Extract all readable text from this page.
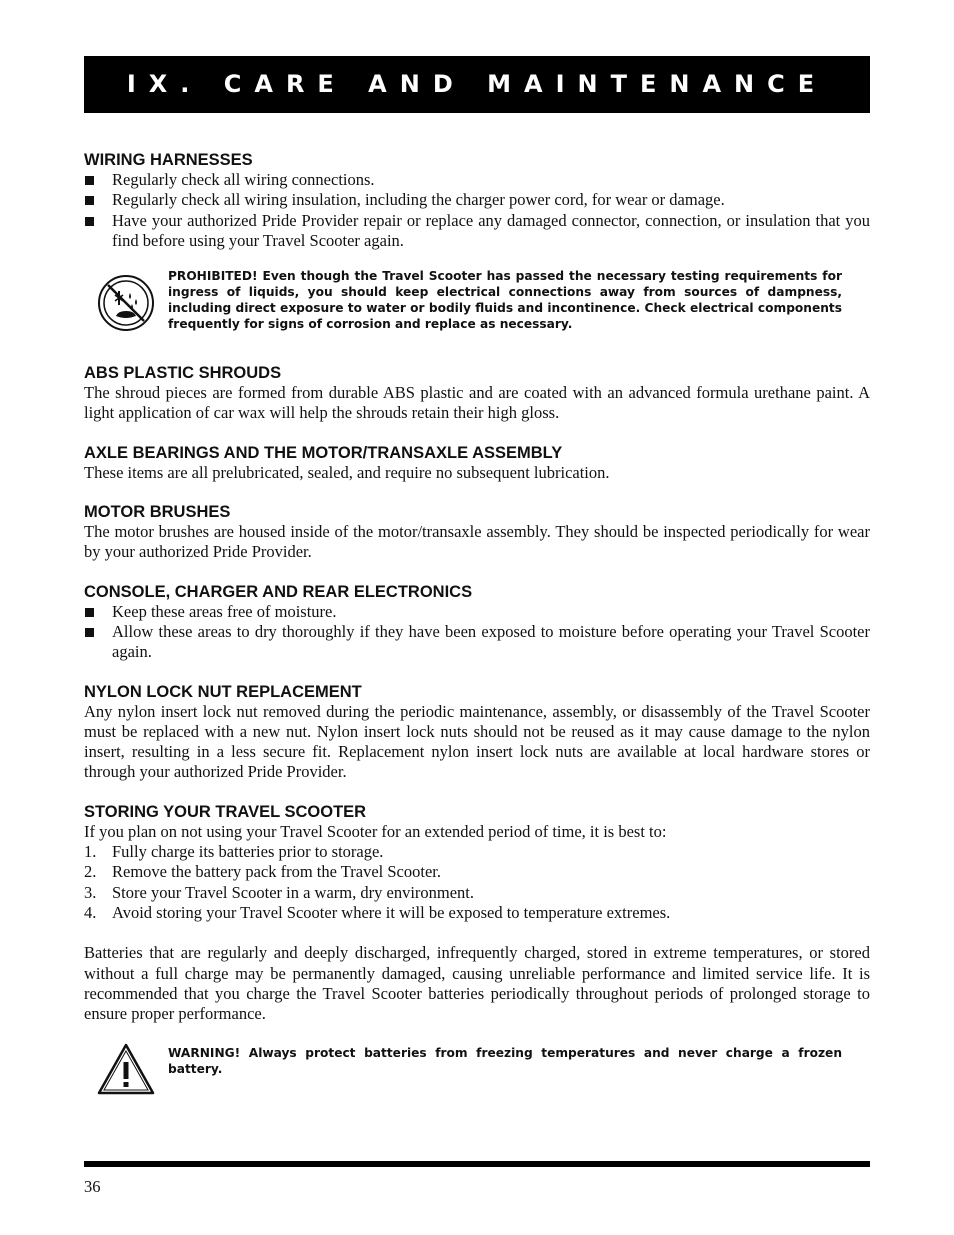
IX. CARE AND MAINTENANCE
WIRING HARNESSES
Regularly check all wiring connections.
Regularly check all wiring insulation, including the charger power cord, for wear or damage.
Have your authorized Pride Provider repair or replace any damaged connector, connection, or insulation that you find before using your Travel Scooter again.
PROHIBITED! Even though the Travel Scooter has passed the necessary testing requirements for ingress of liquids, you should keep electrical connections away from sources of dampness, including direct exposure to water or bodily fluids and incontinence. Check electrical components frequently for signs of corrosion and replace as necessary.
ABS PLASTIC SHROUDS

The shroud pieces are formed from durable ABS plastic and are coated with an advanced formula urethane paint. A light application of car wax will help the shrouds retain their high gloss.

AXLE BEARINGS AND THE MOTOR/TRANSAXLE ASSEMBLY

These items are all prelubricated, sealed, and require no subsequent lubrication.

MOTOR BRUSHES

The motor brushes are housed inside of the motor/transaxle assembly. They should be inspected periodically for wear by your authorized Pride Provider.

CONSOLE, CHARGER AND REAR ELECTRONICS
Keep these areas free of moisture.
Allow these areas to dry thoroughly if they have been exposed to moisture before operating your Travel Scooter again.
NYLON LOCK NUT REPLACEMENT

Any nylon insert lock nut removed during the periodic maintenance, assembly, or disassembly of the Travel Scooter must be replaced with a new nut. Nylon insert lock nuts should not be reused as it may cause damage to the nylon insert, resulting in a less secure fit. Replacement nylon insert lock nuts are available at local hardware stores or through your authorized Pride Provider.

STORING YOUR TRAVEL SCOOTER

If you plan on not using your Travel Scooter for an extended period of time, it is best to:

1. Fully charge its batteries prior to storage.
2. Remove the battery pack from the Travel Scooter.
3. Store your Travel Scooter in a warm, dry environment.
4. Avoid storing your Travel Scooter where it will be exposed to temperature extremes.

Batteries that are regularly and deeply discharged, infrequently charged, stored in extreme temperatures, or stored without a full charge may be permanently damaged, causing unreliable performance and limited service life. It is recommended that you charge the Travel Scooter batteries periodically throughout periods of prolonged storage to ensure proper performance.

WARNING! Always protect batteries from freezing temperatures and never charge a frozen battery.
36
